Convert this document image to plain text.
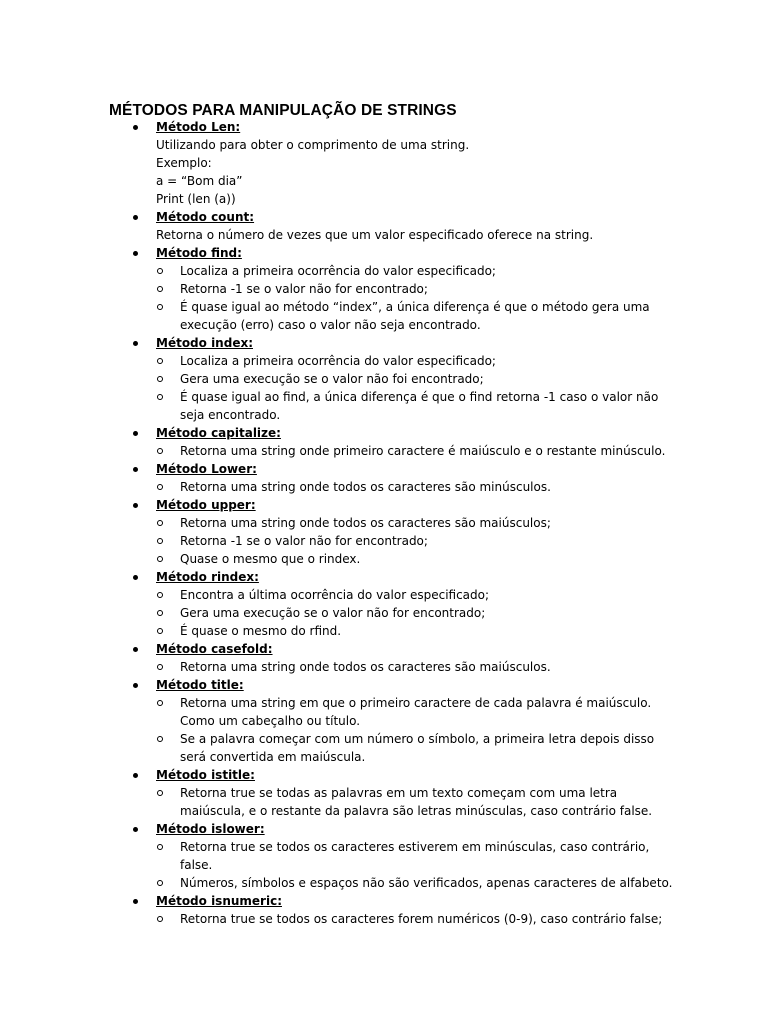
MÉTODOS PARA MANIPULAÇÃO DE STRINGS
Método Len:
Utilizando para obter o comprimento de uma string.
Exemplo:
a = “Bom dia”
Print (len (a))
Método count:
Retorna o número de vezes que um valor especificado oferece na string.
Método find:
Localiza a primeira ocorrência do valor especificado;
Retorna -1 se o valor não for encontrado;
É quase igual ao método “index”, a única diferença é que o método gera uma execução (erro) caso o valor não seja encontrado.
Método index:
Localiza a primeira ocorrência do valor especificado;
Gera uma execução se o valor não foi encontrado;
É quase igual ao find, a única diferença é que o find retorna -1 caso o valor não seja encontrado.
Método capitalize:
Retorna uma string onde primeiro caractere é maiúsculo e o restante minúsculo.
Método Lower:
Retorna uma string onde todos os caracteres são minúsculos.
Método upper:
Retorna uma string onde todos os caracteres são maiúsculos;
Retorna -1 se o valor não for encontrado;
Quase o mesmo que o rindex.
Método rindex:
Encontra a última ocorrência do valor especificado;
Gera uma execução se o valor não for encontrado;
É quase o mesmo do rfind.
Método casefold:
Retorna uma string onde todos os caracteres são maiúsculos.
Método title:
Retorna uma string em que o primeiro caractere de cada palavra é maiúsculo. Como um cabeçalho ou título.
Se a palavra começar com um número o símbolo, a primeira letra depois disso será convertida em maiúscula.
Método istitle:
Retorna true se todas as palavras em um texto começam com uma letra maiúscula, e o restante da palavra são letras minúsculas, caso contrário false.
Método islower:
Retorna true se todos os caracteres estiverem em minúsculas, caso contrário, false.
Números, símbolos e espaços não são verificados, apenas caracteres de alfabeto.
Método isnumeric:
Retorna true se todos os caracteres forem numéricos (0-9), caso contrário false;
